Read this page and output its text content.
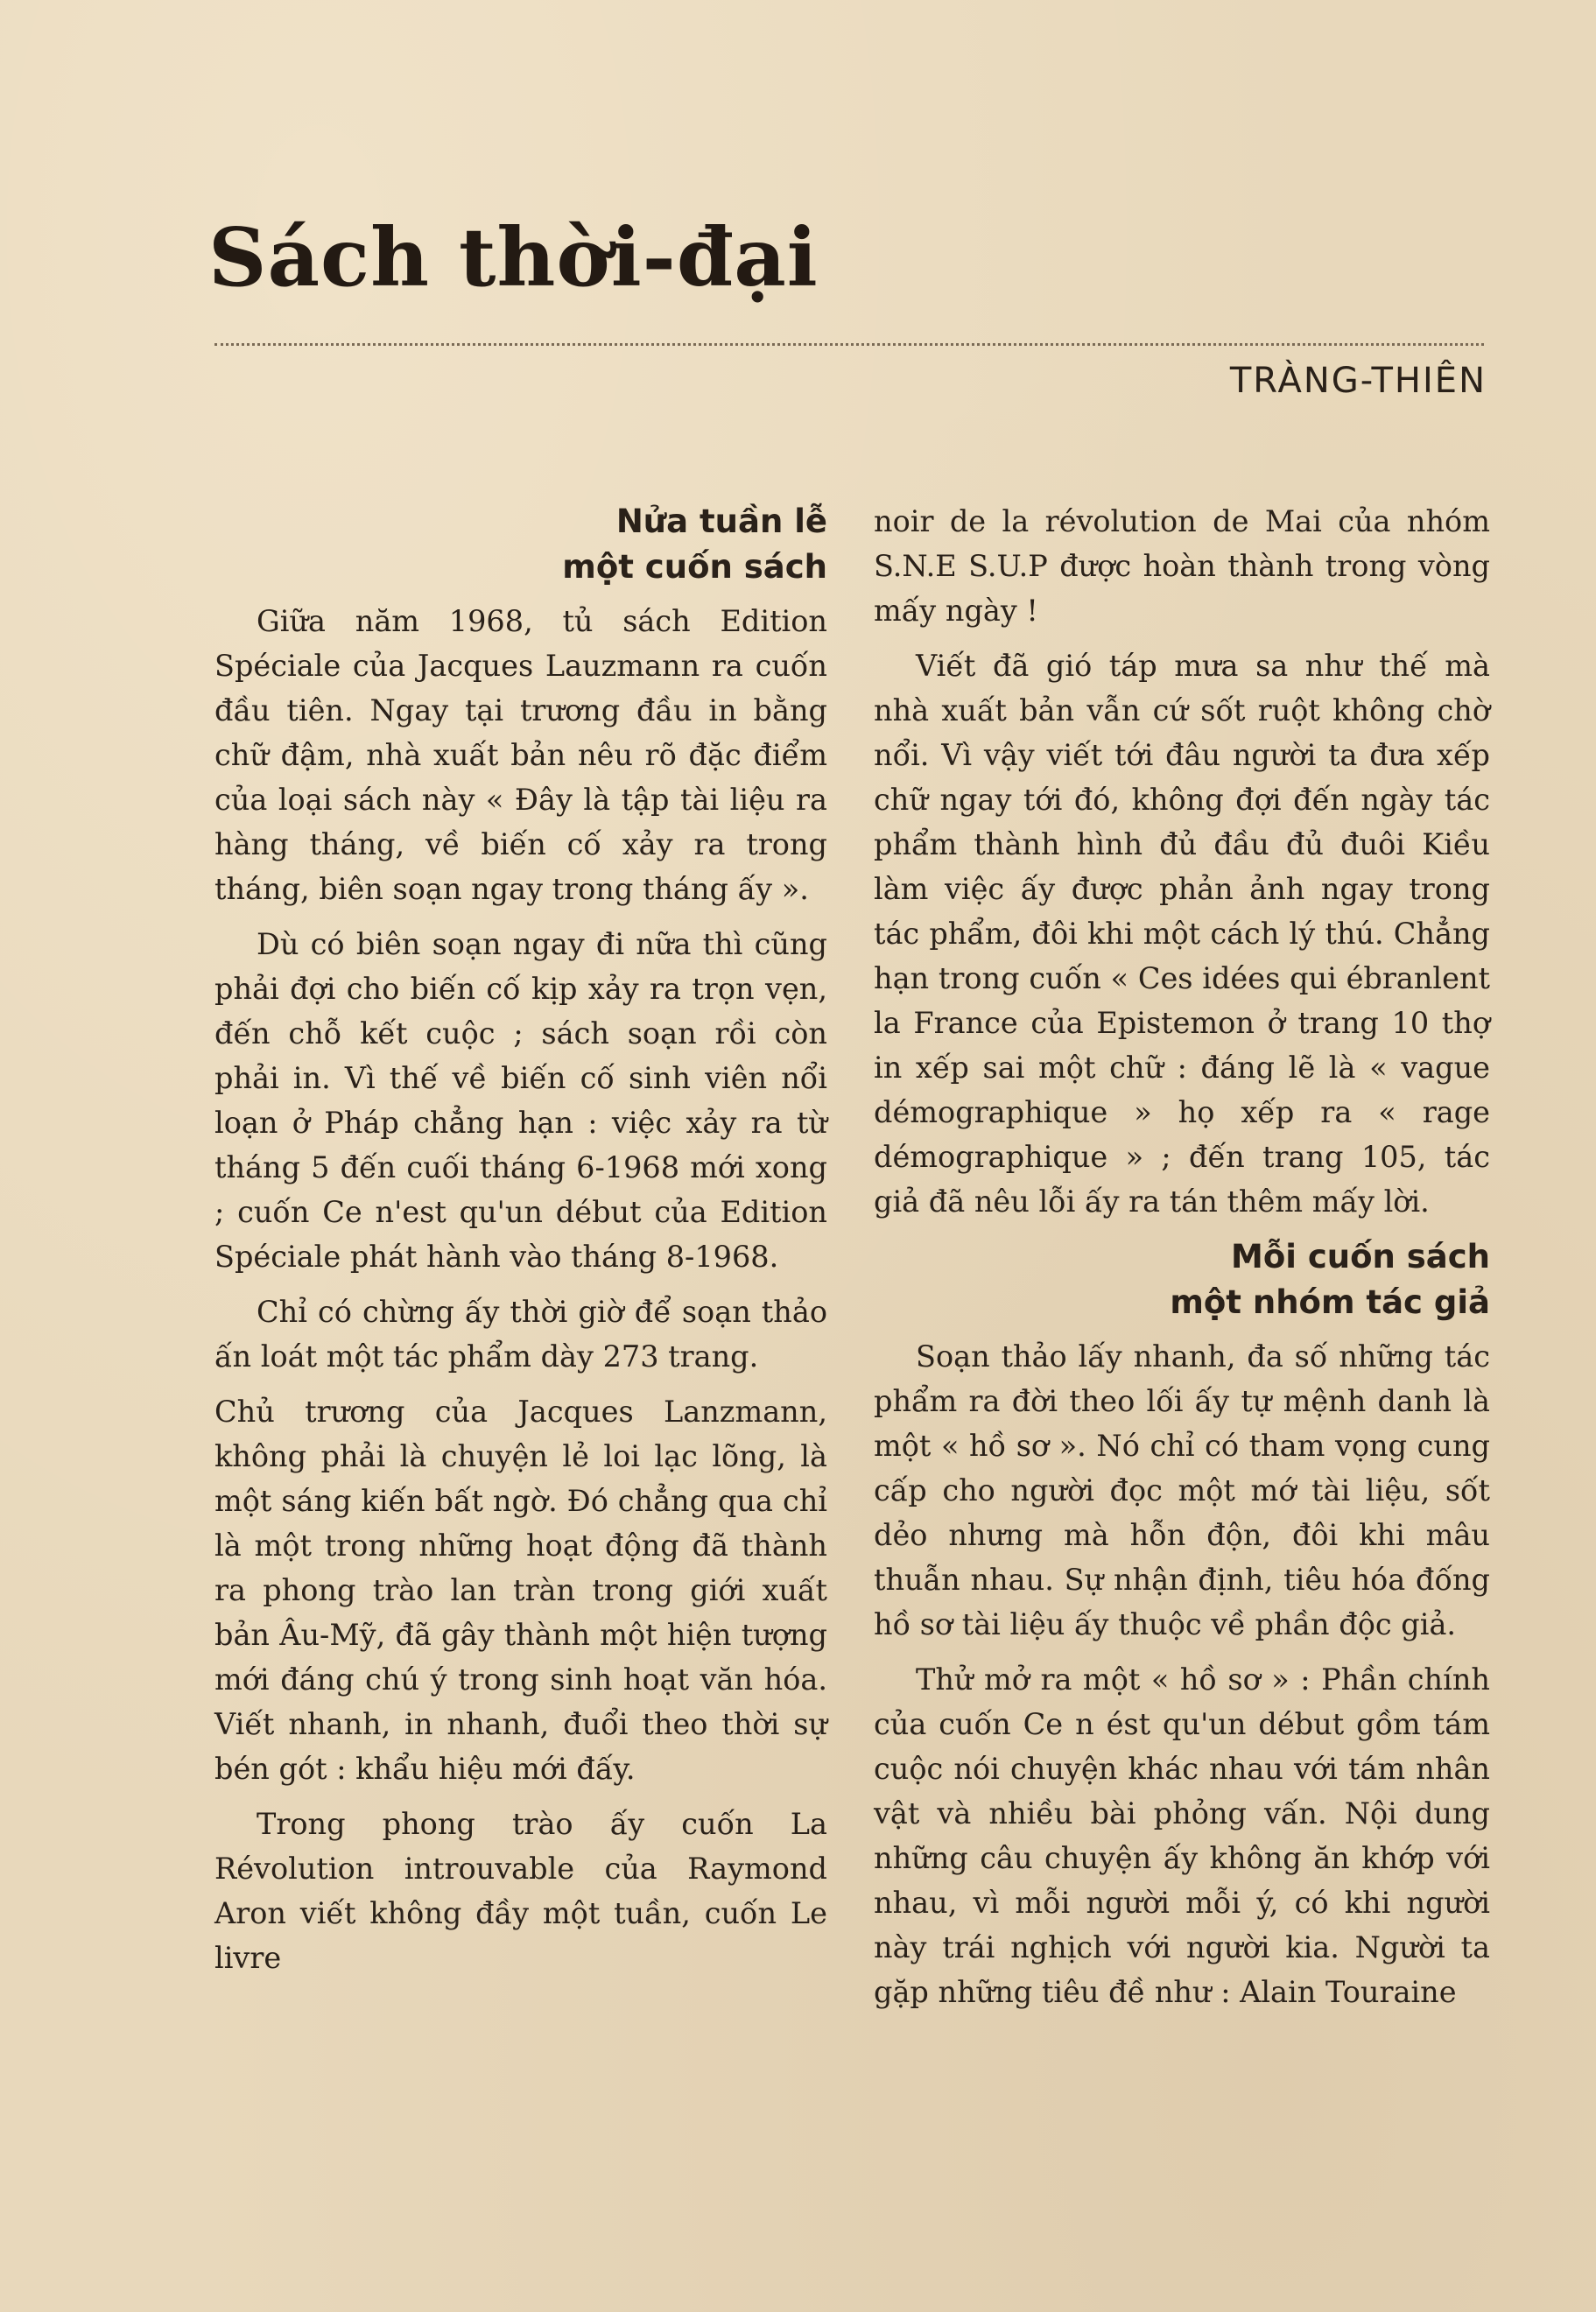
Sách thời-đại
TRÀNG-THIÊN
Nửa tuần lễ
một cuốn sách

Giữa năm 1968, tủ sách Edition Spéciale của Jacques Lauzmann ra cuốn đầu tiên. Ngay tại trương đầu in bằng chữ đậm, nhà xuất bản nêu rõ đặc điểm của loại sách này « Đây là tập tài liệu ra hàng tháng, về biến cố xảy ra trong tháng, biên soạn ngay trong tháng ấy ».

Dù có biên soạn ngay đi nữa thì cũng phải đợi cho biến cố kịp xảy ra trọn vẹn, đến chỗ kết cuộc ; sách soạn rồi còn phải in. Vì thế về biến cố sinh viên nổi loạn ở Pháp chẳng hạn : việc xảy ra từ tháng 5 đến cuối tháng 6-1968 mới xong ; cuốn Ce n'est qu'un début của Edition Spéciale phát hành vào tháng 8-1968.

Chỉ có chừng ấy thời giờ để soạn thảo ấn loát một tác phẩm dày 273 trang.

Chủ trương của Jacques Lanzmann, không phải là chuyện lẻ loi lạc lõng, là một sáng kiến bất ngờ. Đó chẳng qua chỉ là một trong những hoạt động đã thành ra phong trào lan tràn trong giới xuất bản Âu-Mỹ, đã gây thành một hiện tượng mới đáng chú ý trong sinh hoạt văn hóa. Viết nhanh, in nhanh, đuổi theo thời sự bén gót : khẩu hiệu mới đấy.

Trong phong trào ấy cuốn La Révolution introuvable của Raymond Aron viết không đầy một tuần, cuốn Le livre

noir de la révolution de Mai của nhóm S.N.E S.U.P được hoàn thành trong vòng mấy ngày !

Viết đã gió táp mưa sa như thế mà nhà xuất bản vẫn cứ sốt ruột không chờ nổi. Vì vậy viết tới đâu người ta đưa xếp chữ ngay tới đó, không đợi đến ngày tác phẩm thành hình đủ đầu đủ đuôi Kiều làm việc ấy được phản ảnh ngay trong tác phẩm, đôi khi một cách lý thú. Chẳng hạn trong cuốn « Ces idées qui ébranlent la France của Epistemon ở trang 10 thợ in xếp sai một chữ : đáng lẽ là « vague démographique » họ xếp ra « rage démographique » ; đến trang 105, tác giả đã nêu lỗi ấy ra tán thêm mấy lời.

Mỗi cuốn sách
một nhóm tác giả

Soạn thảo lấy nhanh, đa số những tác phẩm ra đời theo lối ấy tự mệnh danh là một « hồ sơ ». Nó chỉ có tham vọng cung cấp cho người đọc một mớ tài liệu, sốt dẻo nhưng mà hỗn độn, đôi khi mâu thuẫn nhau. Sự nhận định, tiêu hóa đống hồ sơ tài liệu ấy thuộc về phần độc giả.

Thử mở ra một « hồ sơ » : Phần chính của cuốn Ce n ést qu'un début gồm tám cuộc nói chuyện khác nhau với tám nhân vật và nhiều bài phỏng vấn. Nội dung những câu chuyện ấy không ăn khớp với nhau, vì mỗi người mỗi ý, có khi người này trái nghịch với người kia. Người ta gặp những tiêu đề như : Alain Touraine
